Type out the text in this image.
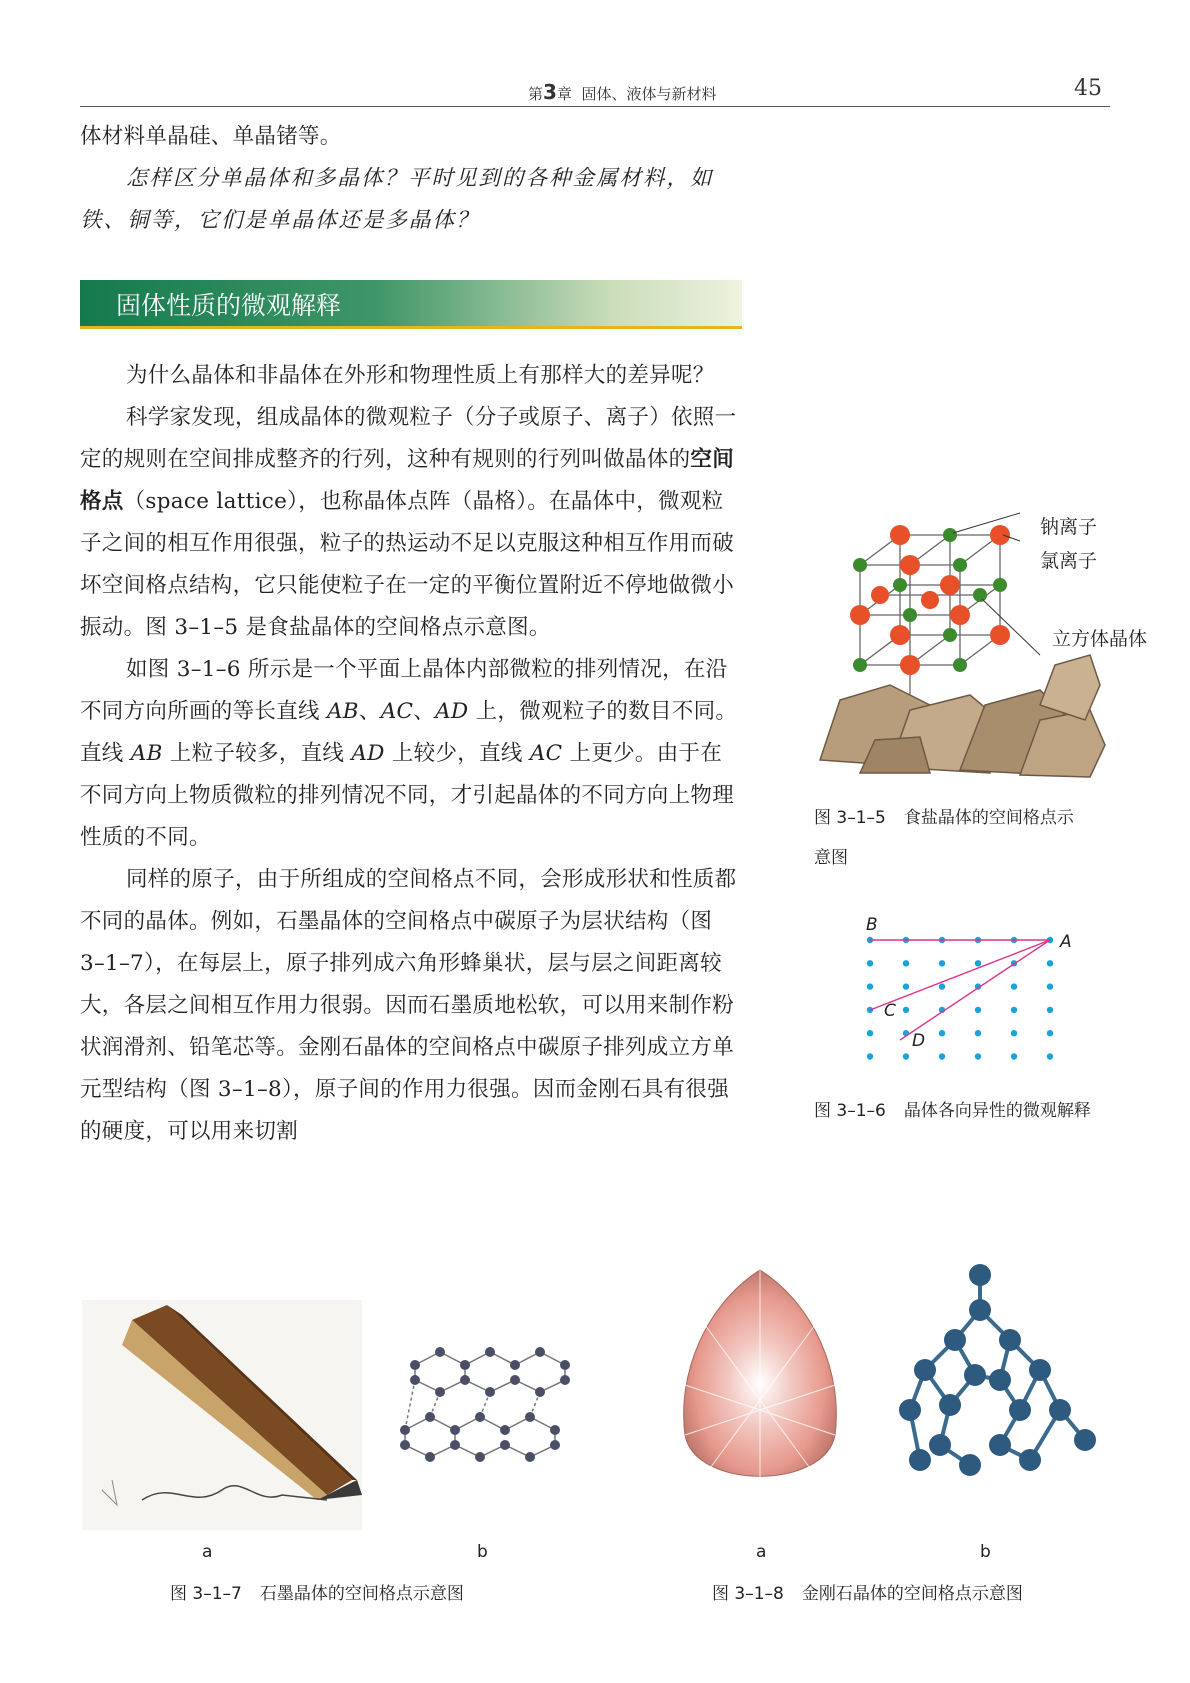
第3章 固体、液体与新材料	45

体材料单晶硅、单晶锗等。

怎样区分单晶体和多晶体？平时见到的各种金属材料，如铁、铜等，它们是单晶体还是多晶体？

固体性质的微观解释

为什么晶体和非晶体在外形和物理性质上有那样大的差异呢？

科学家发现，组成晶体的微观粒子（分子或原子、离子）依照一定的规则在空间排成整齐的行列，这种有规则的行列叫做晶体的空间格点（space lattice），也称晶体点阵（晶格）。在晶体中，微观粒子之间的相互作用很强，粒子的热运动不足以克服这种相互作用而破坏空间格点结构，它只能使粒子在一定的平衡位置附近不停地做微小振动。图 3–1–5 是食盐晶体的空间格点示意图。

如图 3–1–6 所示是一个平面上晶体内部微粒的排列情况，在沿不同方向所画的等长直线 AB、AC、AD 上，微观粒子的数目不同。直线 AB 上粒子较多，直线 AD 上较少，直线 AC 上更少。由于在不同方向上物质微粒的排列情况不同，才引起晶体的不同方向上物理性质的不同。

同样的原子，由于所组成的空间格点不同，会形成形状和性质都不同的晶体。例如，石墨晶体的空间格点中碳原子为层状结构（图 3–1–7），在每层上，原子排列成六角形蜂巢状，层与层之间距离较大，各层之间相互作用力很弱。因而石墨质地松软，可以用来制作粉状润滑剂、铅笔芯等。金刚石晶体的空间格点中碳原子排列成立方单元型结构（图 3–1–8），原子间的作用力很强。因而金刚石具有很强的硬度，可以用来切割

钠离子
氯离子
立方体晶体
图 3–1–5 食盐晶体的空间格点示
意图
B
A
C
D
图 3–1–6 晶体各向异性的微观解释
a	b
图 3–1–7 石墨晶体的空间格点示意图
a	b
图 3–1–8 金刚石晶体的空间格点示意图
